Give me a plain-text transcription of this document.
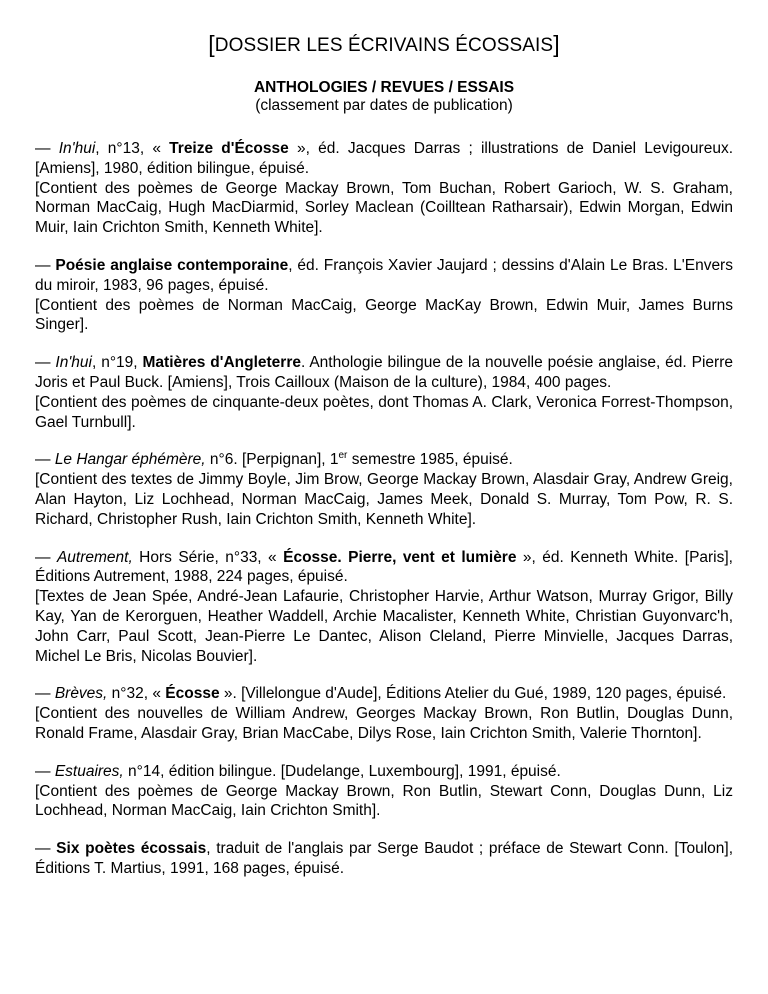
[DOSSIER LES ÉCRIVAINS ÉCOSSAIS]
ANTHOLOGIES / REVUES / ESSAIS
(classement par dates de publication)

— In'hui, n°13, « Treize d'Écosse », éd. Jacques Darras ; illustrations de Daniel Levigoureux. [Amiens], 1980, édition bilingue, épuisé.

[Contient des poèmes de George Mackay Brown, Tom Buchan, Robert Garioch, W. S. Graham, Norman MacCaig, Hugh MacDiarmid, Sorley Maclean (Coilltean Ratharsair), Edwin Morgan, Edwin Muir, Iain Crichton Smith, Kenneth White].

— Poésie anglaise contemporaine, éd. François Xavier Jaujard ; dessins d'Alain Le Bras. L'Envers du miroir, 1983, 96 pages, épuisé.

[Contient des poèmes de Norman MacCaig, George MacKay Brown, Edwin Muir, James Burns Singer].

— In'hui, n°19, Matières d'Angleterre. Anthologie bilingue de la nouvelle poésie anglaise, éd. Pierre Joris et Paul Buck. [Amiens], Trois Cailloux (Maison de la culture), 1984, 400 pages.

[Contient des poèmes de cinquante-deux poètes, dont Thomas A. Clark, Veronica Forrest-Thompson, Gael Turnbull].

— Le Hangar éphémère, n°6. [Perpignan], 1er semestre 1985, épuisé.

[Contient des textes de Jimmy Boyle, Jim Brow, George Mackay Brown, Alasdair Gray, Andrew Greig, Alan Hayton, Liz Lochhead, Norman MacCaig, James Meek, Donald S. Murray, Tom Pow, R. S. Richard, Christopher Rush, Iain Crichton Smith, Kenneth White].

— Autrement, Hors Série, n°33, « Écosse. Pierre, vent et lumière », éd. Kenneth White. [Paris], Éditions Autrement, 1988, 224 pages, épuisé.

[Textes de Jean Spée, André-Jean Lafaurie, Christopher Harvie, Arthur Watson, Murray Grigor, Billy Kay, Yan de Kerorguen, Heather Waddell, Archie Macalister, Kenneth White, Christian Guyonvarc'h, John Carr, Paul Scott, Jean-Pierre Le Dantec, Alison Cleland, Pierre Minvielle, Jacques Darras, Michel Le Bris, Nicolas Bouvier].

— Brèves, n°32, « Écosse ». [Villelongue d'Aude], Éditions Atelier du Gué, 1989, 120 pages, épuisé.

[Contient des nouvelles de William Andrew, Georges Mackay Brown, Ron Butlin, Douglas Dunn, Ronald Frame, Alasdair Gray, Brian MacCabe, Dilys Rose, Iain Crichton Smith, Valerie Thornton].

— Estuaires, n°14, édition bilingue. [Dudelange, Luxembourg], 1991, épuisé.

[Contient des poèmes de George Mackay Brown, Ron Butlin, Stewart Conn, Douglas Dunn, Liz Lochhead, Norman MacCaig, Iain Crichton Smith].

— Six poètes écossais, traduit de l'anglais par Serge Baudot ; préface de Stewart Conn. [Toulon], Éditions T. Martius, 1991, 168 pages, épuisé.
